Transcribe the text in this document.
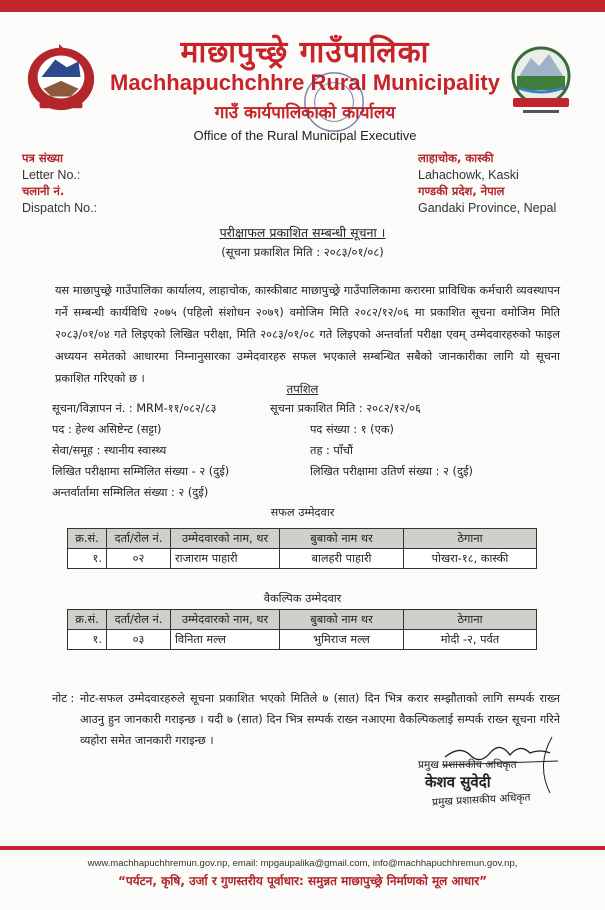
माछापुच्छ्रे गाउँपालिका
Machhapuchchhre Rural Municipality
गाउँ कार्यपालिकाको कार्यालय
Office of the Rural Municipal Executive
पत्र संख्या
Letter No.:
चलानी नं.
Dispatch No.:
लाहाचोक, कास्की
Lahachowk, Kaski
गण्डकी प्रदेश, नेपाल
Gandaki Province, Nepal
परीक्षाफल प्रकाशित सम्बन्धी सूचना ।
(सूचना प्रकाशित मिति : २०८३/०१/०८)
यस माछापुच्छ्रे गाउँपालिका कार्यालय, लाहाचोक, कास्कीबाट माछापुच्छ्रे गाउँपालिकामा करारमा प्राविधिक कर्मचारी व्यवस्थापन गर्ने सम्बन्धी कार्यविधि २०७५ (पहिलो संशोधन २०७९) वमोजिम मिति २०८२/१२/०६ मा प्रकाशित सूचना वमोजिम मिति २०८३/०१/०४ गते लिइएको लिखित परीक्षा, मिति २०८३/०१/०८ गते लिइएको अन्तर्वार्ता परीक्षा एवम् उम्मेदवारहरुको फाइल अध्ययन समेतको आधारमा निम्नानुसारका उम्मेदवारहरु सफल भएकाले सम्बन्धित सबैको जानकारीका लागि यो सूचना प्रकाशित गरिएको छ ।
तपशिल
सूचना/विज्ञापन नं. : MRM-११/०८२/८३
पद : हेल्थ असिष्टेन्ट (सट्टा)
सेवा/समूह : स्थानीय स्वास्थ्य
लिखित परीक्षामा सम्मिलित संख्या - २ (दुई)
अन्तर्वार्तामा सम्मिलित संख्या : २ (दुई)
सूचना प्रकाशित मिति : २०८२/१२/०६
पद संख्या : १ (एक)
तह : पाँचौं
लिखित परीक्षामा उतिर्ण संख्या : २ (दुई)
सफल उम्मेदवार
क्र.सं.	दर्ता/रोल नं.	उम्मेदवारको नाम, थर	बुबाको नाम थर	ठेगाना
१.	०२	राजाराम पाहारी	बालहरी पाहारी	पोखरा-१८, कास्की
वैकल्पिक उम्मेदवार
क्र.सं.	दर्ता/रोल नं.	उम्मेदवारको नाम, थर	बुबाको नाम थर	ठेगाना
१.	०३	विनिता मल्ल	भुमिराज मल्ल	मोदी -२, पर्वत
नोट : नोट-सफल उम्मेदवारहरुले सूचना प्रकाशित भएको मितिले ७ (सात) दिन भित्र करार सम्झौताको लागि सम्पर्क राख्न आउनु हुन जानकारी गराइन्छ । यदी ७ (सात) दिन भित्र सम्पर्क राख्न नआएमा वैकल्पिकलाई सम्पर्क राख्न सूचना गरिने व्यहोरा समेत जानकारी गराइन्छ ।
प्रमुख प्रशासकीय अधिकृत
केशव सुवेदी
प्रमुख प्रशासकीय अधिकृत
www.machhapuchhremun.gov.np, email: mpgaupalika@gmail.com, info@machhapuchhremun.gov.np,
“पर्यटन, कृषि, उर्जा र गुणस्तरीय पूर्वाधार: समुन्नत माछापुच्छ्रे निर्माणको मूल आधार”
